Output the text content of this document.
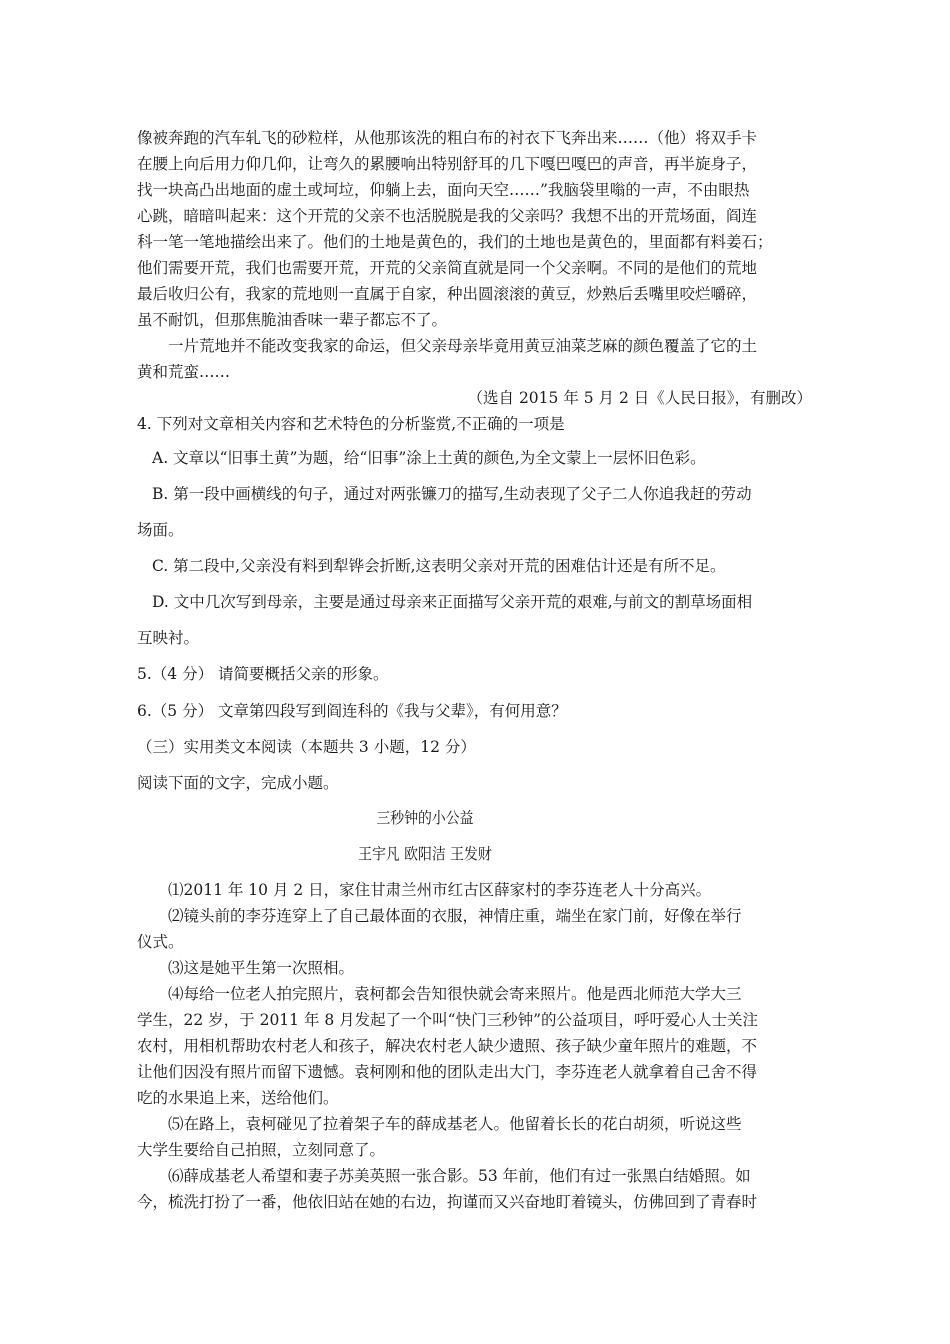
像被奔跑的汽车轧飞的砂粒样，从他那该洗的粗白布的衬衣下飞奔出来……（他）将双手卡
在腰上向后用力仰几仰，让弯久的累腰响出特别舒耳的几下嘎巴嘎巴的声音，再半旋身子，
找一块高凸出地面的虚土或坷垃，仰躺上去，面向天空……”我脑袋里嗡的一声，不由眼热
心跳，暗暗叫起来：这个开荒的父亲不也活脱脱是我的父亲吗？我想不出的开荒场面，阎连
科一笔一笔地描绘出来了。他们的土地是黄色的，我们的土地也是黄色的，里面都有料姜石；
他们需要开荒，我们也需要开荒，开荒的父亲简直就是同一个父亲啊。不同的是他们的荒地
最后收归公有，我家的荒地则一直属于自家，种出圆滚滚的黄豆，炒熟后丢嘴里咬烂嚼碎，
虽不耐饥，但那焦脆油香味一辈子都忘不了。
一片荒地并不能改变我家的命运，但父亲母亲毕竟用黄豆油菜芝麻的颜色覆盖了它的土
黄和荒蛮……
（选自 2015 年 5 月 2 日《人民日报》，有删改）
4. 下列对文章相关内容和艺术特色的分析鉴赏,不正确的一项是
A. 文章以“旧事土黄”为题，给“旧事”涂上土黄的颜色,为全文蒙上一层怀旧色彩。
B. 第一段中画横线的句子，通过对两张镰刀的描写,生动表现了父子二人你追我赶的劳动
场面。
C. 第二段中,父亲没有料到犁铧会折断,这表明父亲对开荒的困难估计还是有所不足。
D. 文中几次写到母亲，主要是通过母亲来正面描写父亲开荒的艰难,与前文的割草场面相
互映衬。
5.（4 分） 请简要概括父亲的形象。
6.（5 分） 文章第四段写到阎连科的《我与父辈》，有何用意？
（三）实用类文本阅读（本题共 3 小题，12 分）
阅读下面的文字，完成小题。
三秒钟的小公益
王宇凡 欧阳洁 王发财
⑴2011 年 10 月 2 日，家住甘肃兰州市红古区薛家村的李芬连老人十分高兴。
⑵镜头前的李芬连穿上了自己最体面的衣服，神情庄重，端坐在家门前，好像在举行
仪式。
⑶这是她平生第一次照相。
⑷每给一位老人拍完照片，袁柯都会告知很快就会寄来照片。他是西北师范大学大三
学生，22 岁，于 2011 年 8 月发起了一个叫“快门三秒钟”的公益项目，呼吁爱心人士关注
农村，用相机帮助农村老人和孩子，解决农村老人缺少遗照、孩子缺少童年照片的难题，不
让他们因没有照片而留下遗憾。袁柯刚和他的团队走出大门，李芬连老人就拿着自己舍不得
吃的水果追上来，送给他们。
⑸在路上，袁柯碰见了拉着架子车的薛成基老人。他留着长长的花白胡须，听说这些
大学生要给自己拍照，立刻同意了。
⑹薛成基老人希望和妻子苏美英照一张合影。53 年前，他们有过一张黑白结婚照。如
今，梳洗打扮了一番，他依旧站在她的右边，拘谨而又兴奋地盯着镜头，仿佛回到了青春时
